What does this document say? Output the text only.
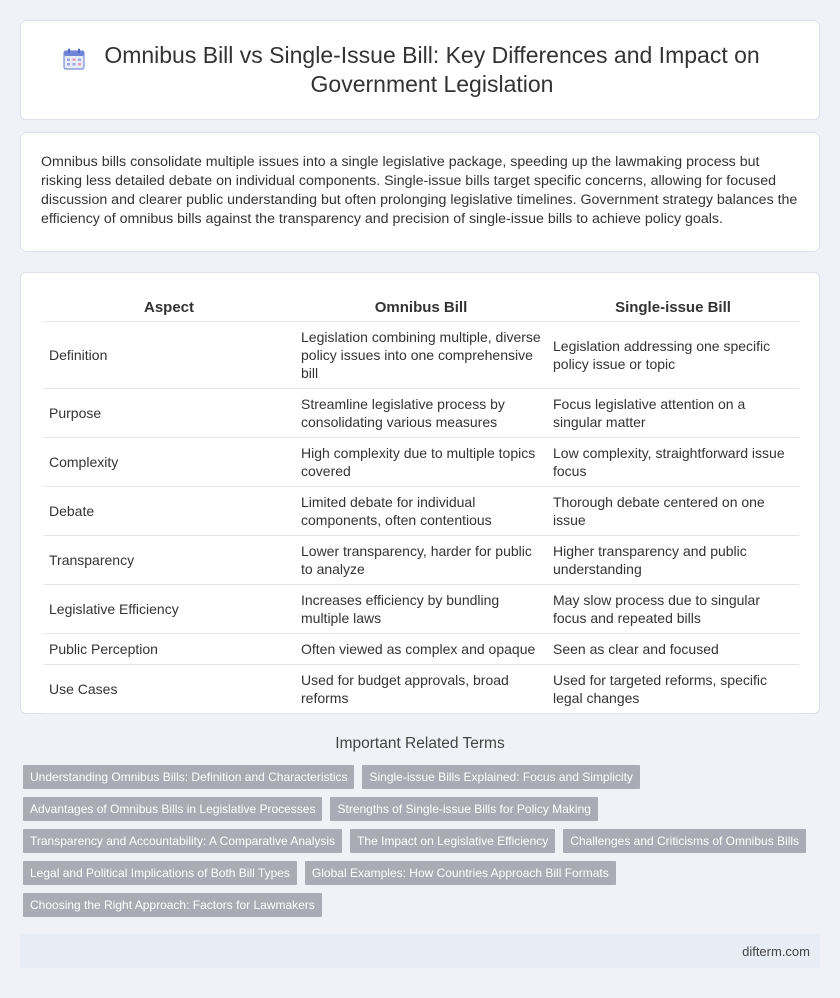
Omnibus Bill vs Single-Issue Bill: Key Differences and Impact on Government Legislation

Omnibus bills consolidate multiple issues into a single legislative package, speeding up the lawmaking process but risking less detailed debate on individual components. Single-issue bills target specific concerns, allowing for focused discussion and clearer public understanding but often prolonging legislative timelines. Government strategy balances the efficiency of omnibus bills against the transparency and precision of single-issue bills to achieve policy goals.

Aspect	Omnibus Bill	Single-issue Bill
Definition	Legislation combining multiple, diverse policy issues into one comprehensive bill	Legislation addressing one specific policy issue or topic
Purpose	Streamline legislative process by consolidating various measures	Focus legislative attention on a singular matter
Complexity	High complexity due to multiple topics covered	Low complexity, straightforward issue focus
Debate	Limited debate for individual components, often contentious	Thorough debate centered on one issue
Transparency	Lower transparency, harder for public to analyze	Higher transparency and public understanding
Legislative Efficiency	Increases efficiency by bundling multiple laws	May slow process due to singular focus and repeated bills
Public Perception	Often viewed as complex and opaque	Seen as clear and focused
Use Cases	Used for budget approvals, broad reforms	Used for targeted reforms, specific legal changes
Important Related Terms
Understanding Omnibus Bills: Definition and Characteristics	Single-issue Bills Explained: Focus and Simplicity
Advantages of Omnibus Bills in Legislative Processes	Strengths of Single-issue Bills for Policy Making
Transparency and Accountability: A Comparative Analysis	The Impact on Legislative Efficiency	Challenges and Criticisms of Omnibus Bills
Legal and Political Implications of Both Bill Types	Global Examples: How Countries Approach Bill Formats
Choosing the Right Approach: Factors for Lawmakers
difterm.com
